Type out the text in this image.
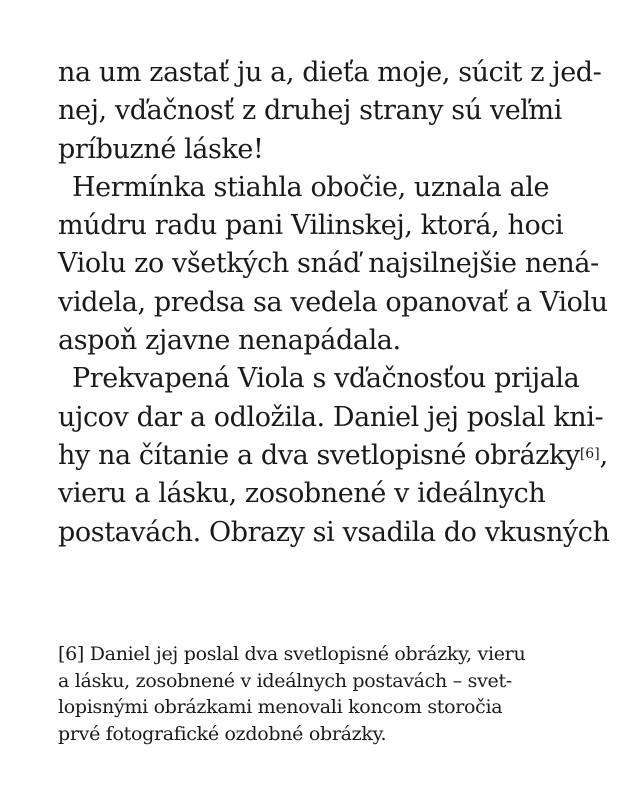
na um zastať ju a, dieťa moje, súcit z jed-
nej, vďačnosť z druhej strany sú veľmi
príbuzné láske!
Hermínka stiahla obočie, uznala ale
múdru radu pani Vilinskej, ktorá, hoci
Violu zo všetkých snáď najsilnejšie nená-
videla, predsa sa vedela opanovať a Violu
aspoň zjavne nenapádala.
Prekvapená Viola s vďačnosťou prijala
ujcov dar a odložila. Daniel jej poslal kni-
hy na čítanie a dva svetlopisné obrázky[6],
vieru a lásku, zosobnené v ideálnych
postavách. Obrazy si vsadila do vkusných
[6] Daniel jej poslal dva svetlopisné obrázky, vieru
a lásku, zosobnené v ideálnych postavách – svet-
lopisnými obrázkami menovali koncom storočia
prvé fotografické ozdobné obrázky.
